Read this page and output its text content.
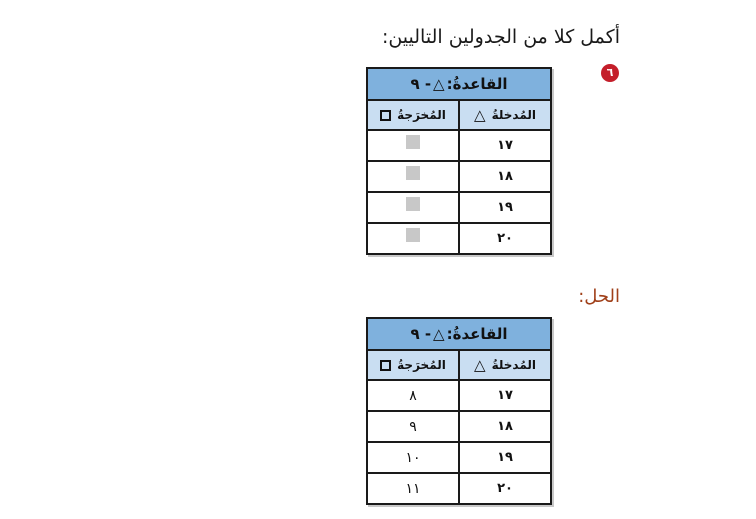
أكمل كلا من الجدولين التاليين:
٦
القاعدةُ:
△
- ٩
المُدخلةُ
△
المُخرَجةُ
١٧
١٨
١٩
٢٠
الحل:
القاعدةُ:
△
- ٩
المُدخلةُ
△
المُخرَجةُ
١٧
٨
١٨
٩
١٩
١٠
٢٠
١١
